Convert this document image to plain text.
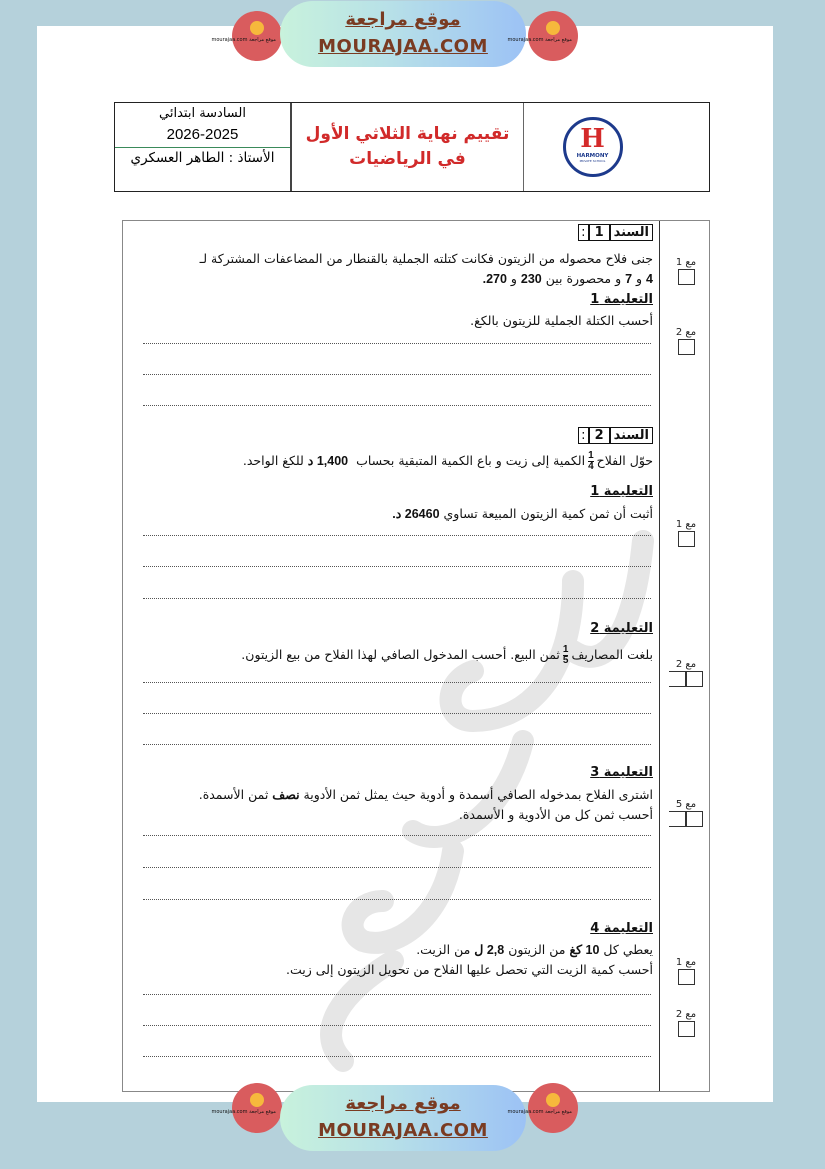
موقع مراجعة mourajaa.com
موقع مراجعة
MOURAJAA.COM	موقع مراجعة mourajaa.com
السادسة ابتدائي
2026-2025
الأستاذ : الطاهر العسكري
تقييم نهاية الثلاثي الأول
في الرياضيات
H
HARMONY
PRIVATE SCHOOL
السند1:
جنى فلاح محصوله من الزيتون فكانت كتلته الجملية بالقنطار من المضاعفات المشتركة لـ
4 و 7 و محصورة بين 230 و 270.
التعليمة 1
أحسب الكتلة الجملية للزيتون بالكغ.
السند2:
حوّل الفلاح
$\frac{1}{4}$
الكمية إلى زيت و باع الكمية المتبقية بحساب  1,400 د للكغ الواحد.
التعليمة 1
أثبت أن ثمن كمية الزيتون المبيعة تساوي 26460 د.
التعليمة 2
بلغت المصاريف
$\frac{1}{5}$
ثمن البيع. أحسب المدخول الصافي لهذا الفلاح من بيع الزيتون.
التعليمة 3
اشترى الفلاح بمدخوله الصافي أسمدة و أدوية حيث يمثل ثمن الأدوية نصف ثمن الأسمدة.
أحسب ثمن كل من الأدوية و الأسمدة.
التعليمة 4
يعطي كل 10 كغ من الزيتون 2,8 ل من الزيت.
أحسب كمية الزيت التي تحصل عليها الفلاح من تحويل الزيتون إلى زيت.
مع 1
مع 2
مع 1
مع 2
مع 5
مع 1
مع 2
موقع مراجعة mourajaa.com	موقع مراجعة
MOURAJAA.COM
موقع مراجعة mourajaa.com
